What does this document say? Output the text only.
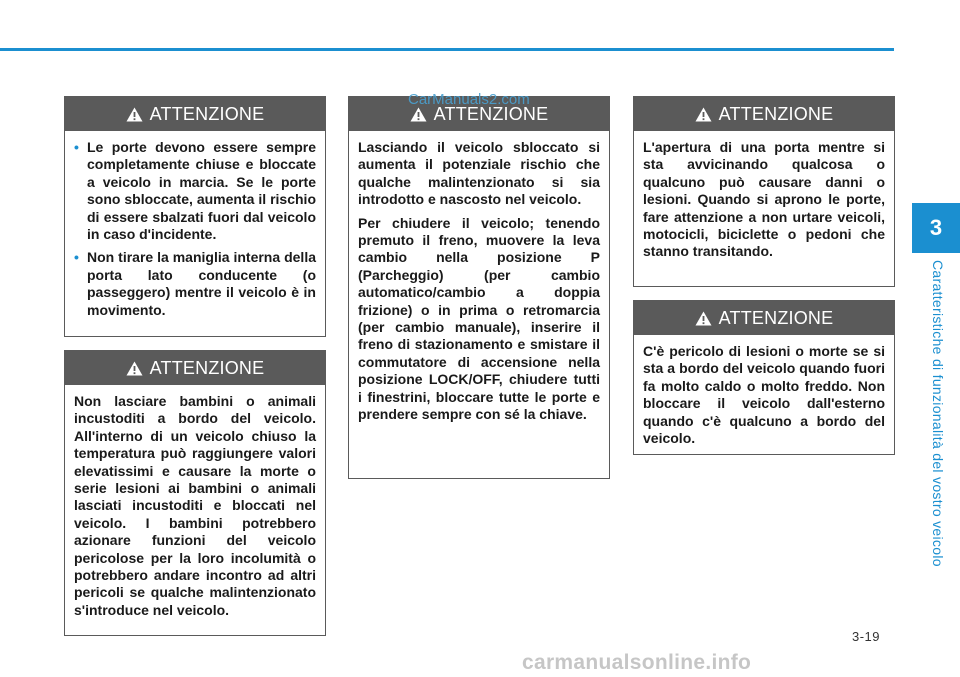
3
Caratteristiche di funzionalità del vostro veicolo
ATTENZIONE
• Le porte devono essere sempre completamente chiuse e bloccate a veicolo in marcia. Se le porte sono sbloccate, aumenta il rischio di essere sbalzati fuori dal veicolo in caso d'incidente.
• Non tirare la maniglia interna della porta lato conducente (o passeggero) mentre il veicolo è in movimento.
ATTENZIONE

Non lasciare bambini o animali incustoditi a bordo del veicolo. All'interno di un veicolo chiuso la temperatura può raggiungere valori elevatissimi e causare la morte o serie lesioni ai bambini o animali lasciati incustoditi e bloccati nel veicolo. I bambini potrebbero azionare funzioni del veicolo pericolose per la loro incolumità o potrebbero andare incontro ad altri pericoli se qualche malintenzionato s'introduce nel veicolo.

ATTENZIONE

Lasciando il veicolo sbloccato si aumenta il potenziale rischio che qualche malintenzionato si sia introdotto e nascosto nel veicolo.

Per chiudere il veicolo; tenendo premuto il freno, muovere la leva cambio nella posizione P (Parcheggio) (per cambio automatico/cambio a doppia frizione) o in prima o retromarcia (per cambio manuale), inserire il freno di stazionamento e smistare il commutatore di accensione nella posizione LOCK/OFF, chiudere tutti i finestrini, bloccare tutte le porte e prendere sempre con sé la chiave.

ATTENZIONE

L'apertura di una porta mentre si sta avvicinando qualcosa o qualcuno può causare danni o lesioni. Quando si aprono le porte, fare attenzione a non urtare veicoli, motocicli, biciclette o pedoni che stanno transitando.

ATTENZIONE

C'è pericolo di lesioni o morte se si sta a bordo del veicolo quando fuori fa molto caldo o molto freddo. Non bloccare il veicolo dall'esterno quando c'è qualcuno a bordo del veicolo.

CarManuals2.com
3-19
carmanualsonline.info
